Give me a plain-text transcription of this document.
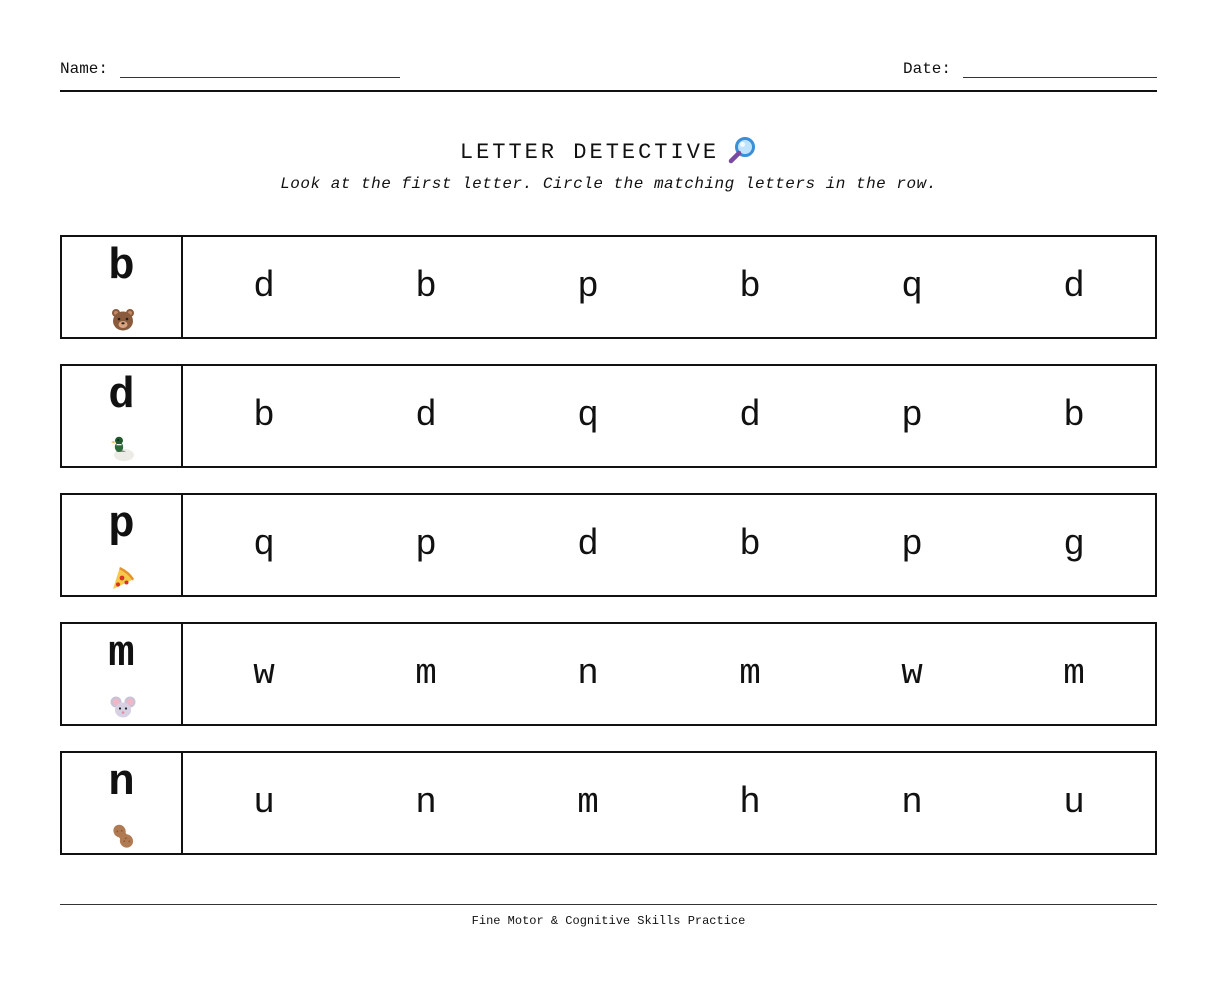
Name:	Date:
LETTER DETECTIVE
Look at the first letter. Circle the matching letters in the row.
b	d	b	p	b	q	d
d	b	d	q	d	p	b
p	q	p	d	b	p	g
m	w	m	n	m	w	m
n	u	n	m	h	n	u
Fine Motor & Cognitive Skills Practice
